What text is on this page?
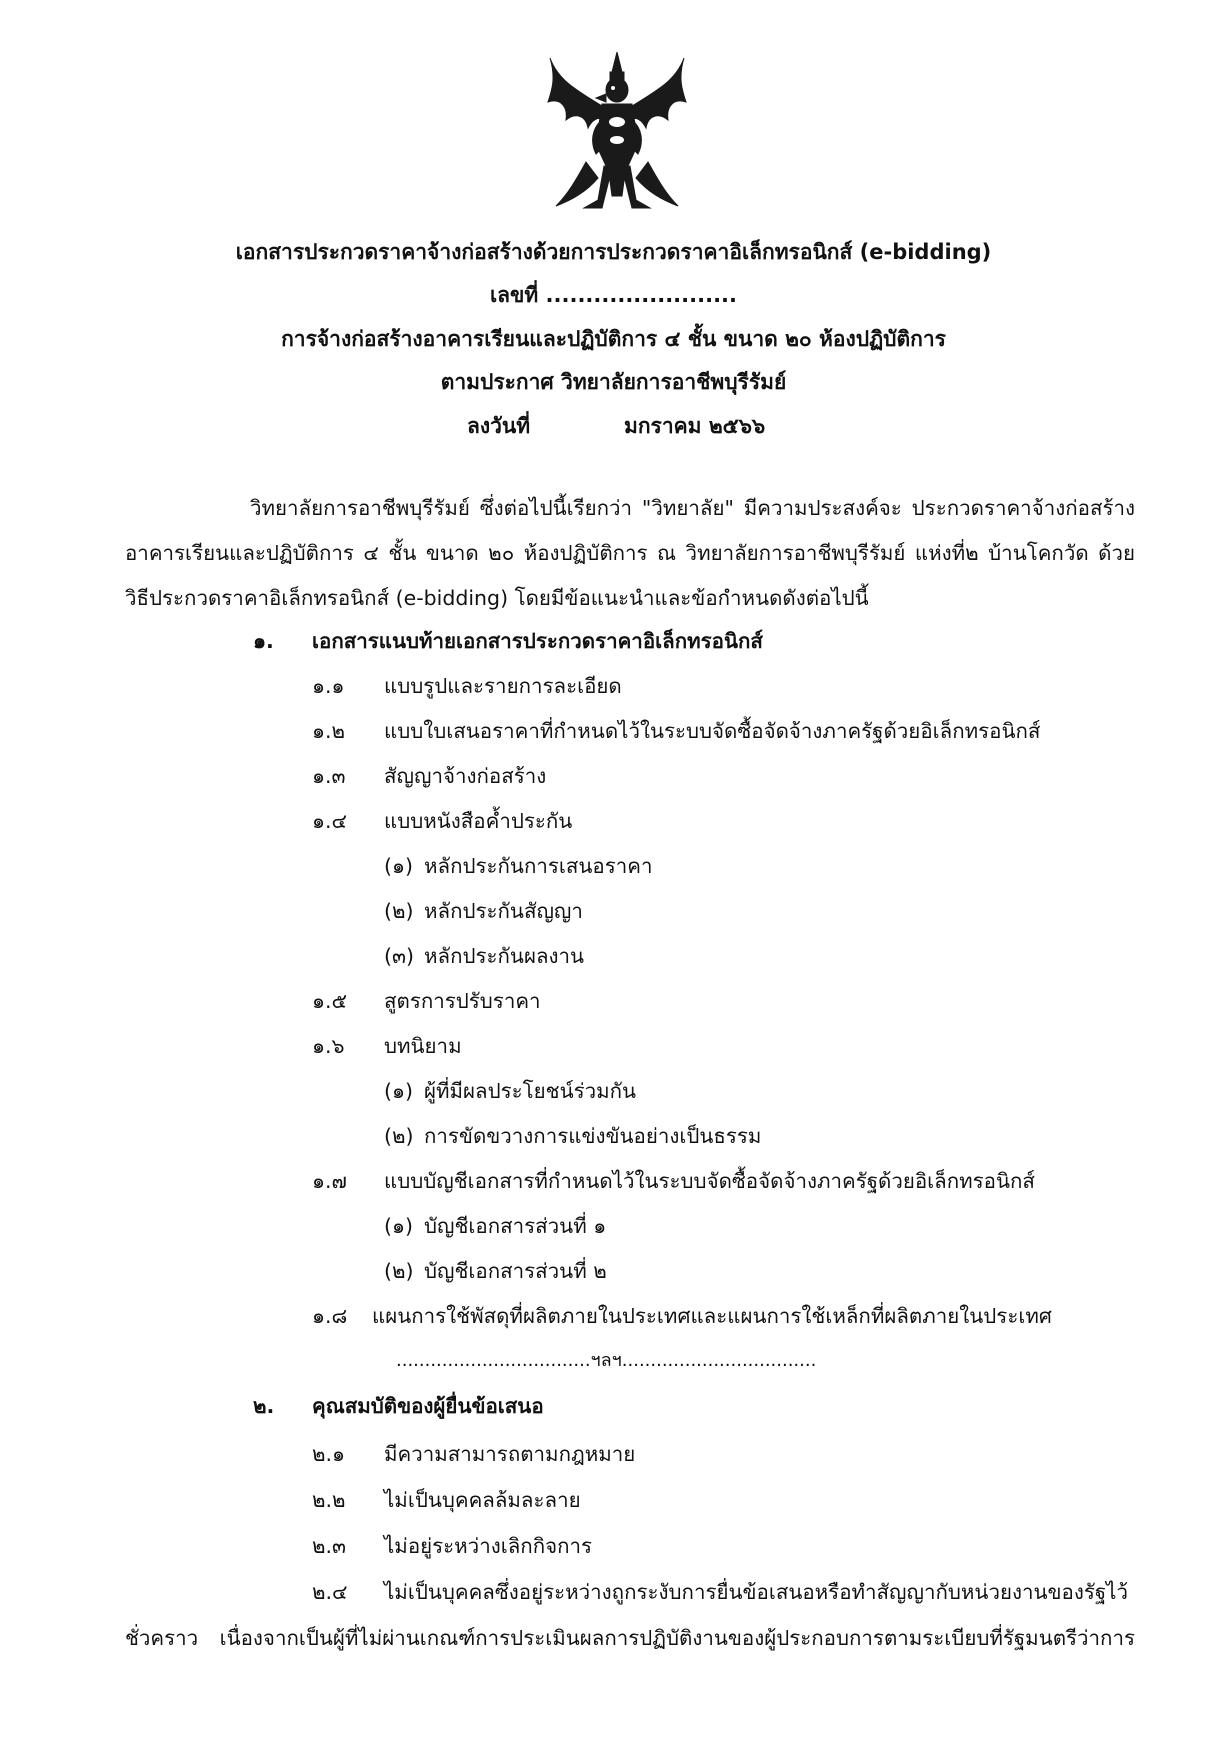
เอกสารประกวดราคาจ้างก่อสร้างด้วยการประกวดราคาอิเล็กทรอนิกส์ (e-bidding)
เลขที่ ........................
การจ้างก่อสร้างอาคารเรียนและปฏิบัติการ ๔ ชั้น ขนาด ๒๐ ห้องปฏิบัติการ
ตามประกาศ วิทยาลัยการอาชีพบุรีรัมย์
ลงวันที่	มกราคม ๒๕๖๖
วิทยาลัยการอาชีพบุรีรัมย์ ซึ่งต่อไปนี้เรียกว่า "วิทยาลัย" มีความประสงค์จะ ประกวดราคาจ้างก่อสร้าง
อาคารเรียนและปฏิบัติการ ๔ ชั้น ขนาด ๒๐ ห้องปฏิบัติการ ณ วิทยาลัยการอาชีพบุรีรัมย์ แห่งที่๒ บ้านโคกวัด ด้วย
วิธีประกวดราคาอิเล็กทรอนิกส์ (e-bidding) โดยมีข้อแนะนำและข้อกำหนดดังต่อไปนี้
๑. เอกสารแนบท้ายเอกสารประกวดราคาอิเล็กทรอนิกส์
๑.๑ แบบรูปและรายการละเอียด
๑.๒ แบบใบเสนอราคาที่กำหนดไว้ในระบบจัดซื้อจัดจ้างภาครัฐด้วยอิเล็กทรอนิกส์
๑.๓ สัญญาจ้างก่อสร้าง
๑.๔ แบบหนังสือค้ำประกัน
(๑) หลักประกันการเสนอราคา
(๒) หลักประกันสัญญา
(๓) หลักประกันผลงาน
๑.๕ สูตรการปรับราคา
๑.๖ บทนิยาม
(๑) ผู้ที่มีผลประโยชน์ร่วมกัน
(๒) การขัดขวางการแข่งขันอย่างเป็นธรรม
๑.๗ แบบบัญชีเอกสารที่กำหนดไว้ในระบบจัดซื้อจัดจ้างภาครัฐด้วยอิเล็กทรอนิกส์
(๑) บัญชีเอกสารส่วนที่ ๑
(๒) บัญชีเอกสารส่วนที่ ๒
๑.๘ แผนการใช้พัสดุที่ผลิตภายในประเทศและแผนการใช้เหล็กที่ผลิตภายในประเทศ
..................................ฯลฯ..................................
๒. คุณสมบัติของผู้ยื่นข้อเสนอ
๒.๑ มีความสามารถตามกฎหมาย
๒.๒ ไม่เป็นบุคคลล้มละลาย
๒.๓ ไม่อยู่ระหว่างเลิกกิจการ
๒.๔ ไม่เป็นบุคคลซึ่งอยู่ระหว่างถูกระงับการยื่นข้อเสนอหรือทำสัญญากับหน่วยงานของรัฐไว้
ชั่วคราว เนื่องจากเป็นผู้ที่ไม่ผ่านเกณฑ์การประเมินผลการปฏิบัติงานของผู้ประกอบการตามระเบียบที่รัฐมนตรีว่าการ
